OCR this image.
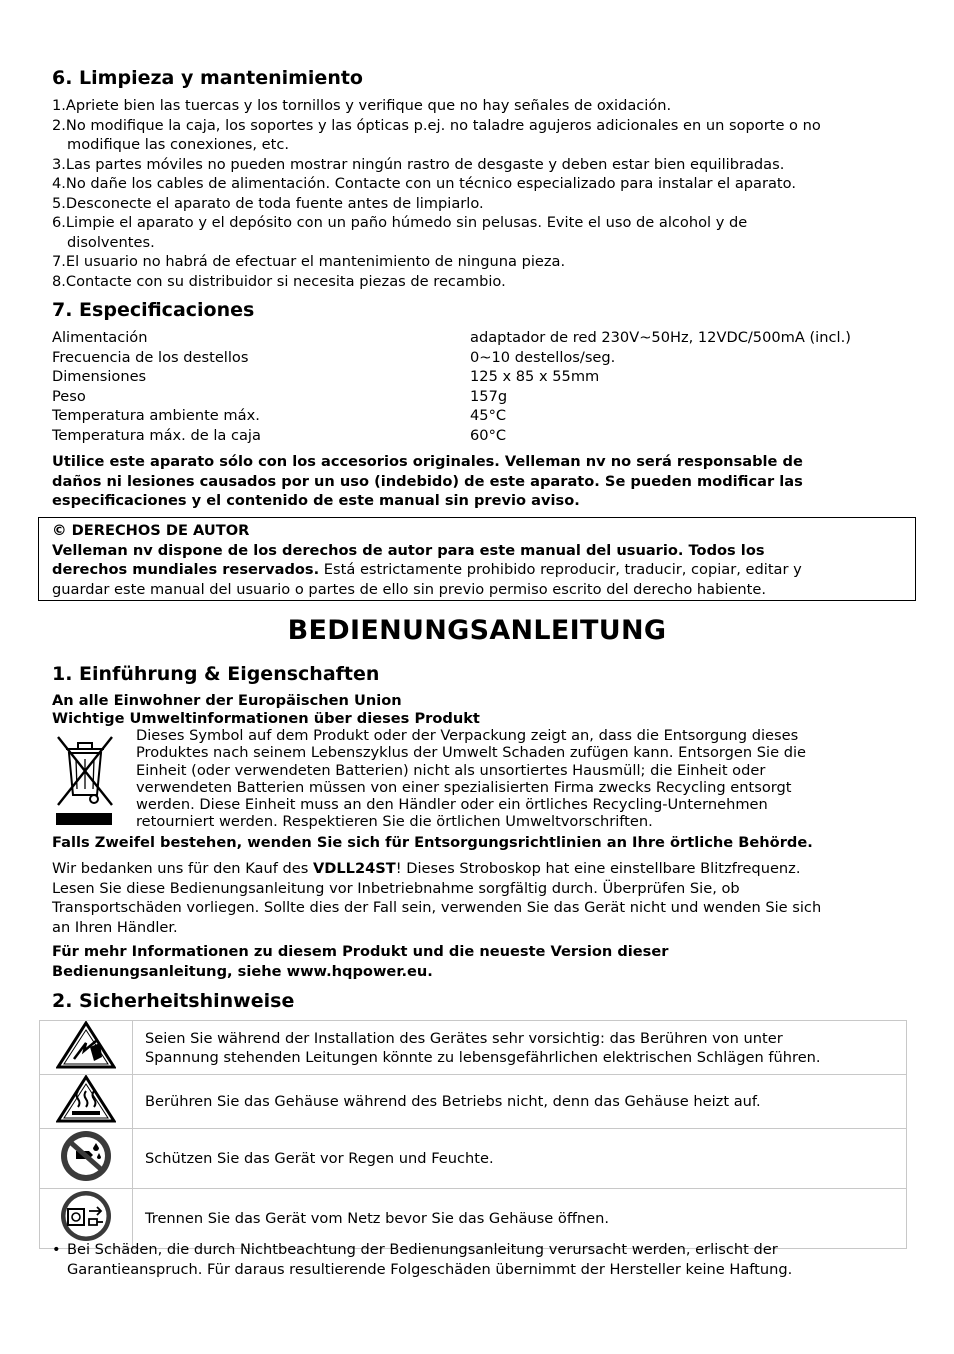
6. Limpieza y mantenimiento
1.Apriete bien las tuercas y los tornillos y verifique que no hay señales de oxidación.
2.No modifique la caja, los soportes y las ópticas p.ej. no taladre agujeros adicionales en un soporte o no
modifique las conexiones, etc.
3.Las partes móviles no pueden mostrar ningún rastro de desgaste y deben estar bien equilibradas.
4.No dañe los cables de alimentación. Contacte con un técnico especializado para instalar el aparato.
5.Desconecte el aparato de toda fuente antes de limpiarlo.
6.Limpie el aparato y el depósito con un paño húmedo sin pelusas. Evite el uso de alcohol y de
disolventes.
7.El usuario no habrá de efectuar el mantenimiento de ninguna pieza.
8.Contacte con su distribuidor si necesita piezas de recambio.
7. Especificaciones
Alimentación	adaptador de red 230V~50Hz, 12VDC/500mA (incl.)
Frecuencia de los destellos	0~10 destellos/seg.
Dimensiones	125 x 85 x 55mm
Peso	157g
Temperatura ambiente máx.	45°C
Temperatura máx. de la caja	60°C
Utilice este aparato sólo con los accesorios originales. Velleman nv no será responsable de
daños ni lesiones causados por un uso (indebido) de este aparato. Se pueden modificar las
especificaciones y el contenido de este manual sin previo aviso.
© DERECHOS DE AUTOR
Velleman nv dispone de los derechos de autor para este manual del usuario. Todos los
derechos mundiales reservados. Está estrictamente prohibido reproducir, traducir, copiar, editar y
guardar este manual del usuario o partes de ello sin previo permiso escrito del derecho habiente.
BEDIENUNGSANLEITUNG
1. Einführung & Eigenschaften
An alle Einwohner der Europäischen Union
Wichtige Umweltinformationen über dieses Produkt
Dieses Symbol auf dem Produkt oder der Verpackung zeigt an, dass die Entsorgung dieses
Produktes nach seinem Lebenszyklus der Umwelt Schaden zufügen kann. Entsorgen Sie die
Einheit (oder verwendeten Batterien) nicht als unsortiertes Hausmüll; die Einheit oder
verwendeten Batterien müssen von einer spezialisierten Firma zwecks Recycling entsorgt
werden. Diese Einheit muss an den Händler oder ein örtliches Recycling-Unternehmen
retourniert werden. Respektieren Sie die örtlichen Umweltvorschriften.
Falls Zweifel bestehen, wenden Sie sich für Entsorgungsrichtlinien an Ihre örtliche Behörde.
Wir bedanken uns für den Kauf des VDLL24ST! Dieses Stroboskop hat eine einstellbare Blitzfrequenz.
Lesen Sie diese Bedienungsanleitung vor Inbetriebnahme sorgfältig durch. Überprüfen Sie, ob
Transportschäden vorliegen. Sollte dies der Fall sein, verwenden Sie das Gerät nicht und wenden Sie sich
an Ihren Händler.
Für mehr Informationen zu diesem Produkt und die neueste Version dieser
Bedienungsanleitung, siehe www.hqpower.eu.
2. Sicherheitshinweise

Seien Sie während der Installation des Gerätes sehr vorsichtig: das Berühren von unter
Spannung stehenden Leitungen könnte zu lebensgefährlichen elektrischen Schlägen führen.

Berühren Sie das Gehäuse während des Betriebs nicht, denn das Gehäuse heizt auf.

Schützen Sie das Gerät vor Regen und Feuchte.

Trennen Sie das Gerät vom Netz bevor Sie das Gehäuse öffnen.
• Bei Schäden, die durch Nichtbeachtung der Bedienungsanleitung verursacht werden, erlischt der
Garantieanspruch. Für daraus resultierende Folgeschäden übernimmt der Hersteller keine Haftung.
